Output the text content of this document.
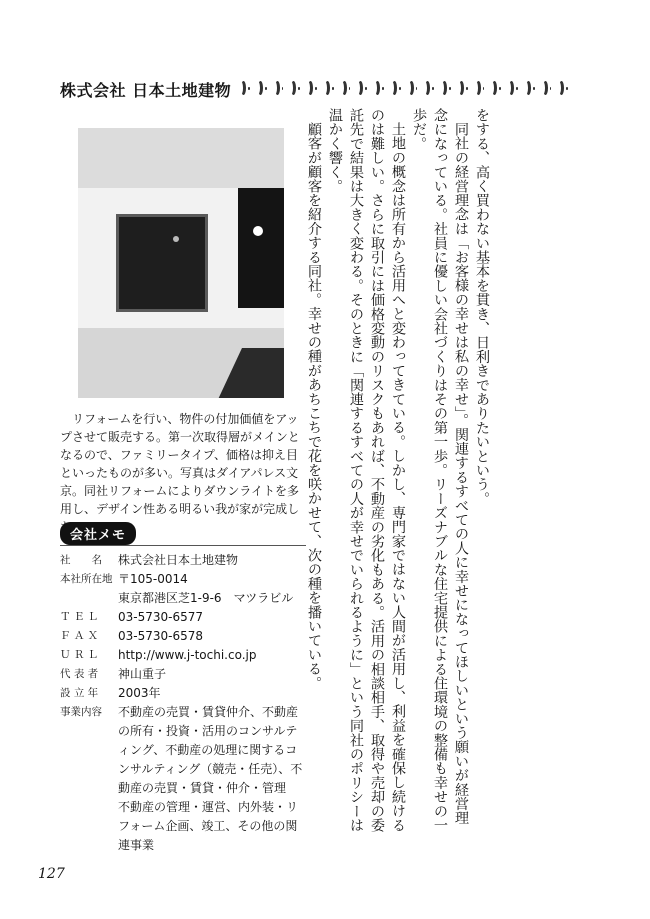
株式会社 日本土地建物
リフォームを行い、物件の付加価値をアップさせて販売する。第一次取得層がメインとなるので、ファミリータイプ、価格は抑え目といったものが多い。写真はダイアパレス文京。同社リフォームによりダウンライトを多用し、デザイン性ある明るい我が家が完成し
会社メモ
社　　名	株式会社日本土地建物
本社所在地 〒105-0014
東京都港区芝1-9-6　マツラビル
Ｔ Ｅ Ｌ	03-5730-6577
Ｆ Ａ Ｘ	03-5730-6578
Ｕ Ｒ Ｌ	http://www.j-tochi.co.jp
代 表 者	神山重子
設 立 年	2003年
事業内容	不動産の売買・賃貸仲介、不動産
の所有・投資・活用のコンサルテ
ィング、不動産の処理に関するコ
ンサルティング（競売・任売）、不
動産の売買・賃貸・仲介・管理
不動産の管理・運営、内外装・リ
フォーム企画、竣工、その他の関
連事業

をする、高く買わない基本を貫き、日利きでありたいという。

同社の経営理念は「お客様の幸せは私の幸せ」。関連するすべての人に幸せになってほしいという願いが経営理念になっている。社員に優しい会社づくりはその第一歩。リーズナブルな住宅提供による住環境の整備も幸せの一歩だ。

土地の概念は所有から活用へと変わってきている。しかし、専門家ではない人間が活用し、利益を確保し続けるのは難しい。さらに取引には価格変動のリスクもあれば、不動産の劣化もある。活用の相談相手、取得や売却の委託先で結果は大きく変わる。そのときに「関連するすべての人が幸せでいられるように」という同社のポリシーは温かく響く。

顧客が顧客を紹介する同社。幸せの種があちこちで花を咲かせて、次の種を播いている。

127
